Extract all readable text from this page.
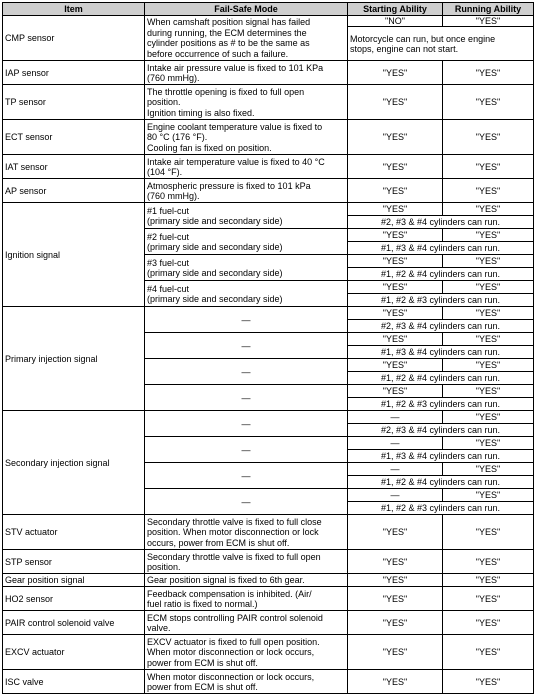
Item	Fail-Safe Mode	Starting Ability	Running Ability
CMP sensor	When camshaft position signal has failed
during running, the ECM determines the
cylinder positions as # to be the same as
before occurrence of such a failure.	"NO"	"YES"
		Motorcycle can run, but once engine
stops, engine can not start.	
IAP sensor	Intake air pressure value is fixed to 101 KPa
(760 mmHg).	"YES"	"YES"
TP sensor	The throttle opening is fixed to full open
position.
Ignition timing is also fixed.	"YES"	"YES"
ECT sensor	Engine coolant temperature value is fixed to
80 °C (176 °F).
Cooling fan is fixed on position.	"YES"	"YES"
IAT sensor	Intake air temperature value is fixed to 40 °C
(104 °F).	"YES"	"YES"
AP sensor	Atmospheric pressure is fixed to 101 kPa
(760 mmHg).	"YES"	"YES"
Ignition signal	#1 fuel-cut
(primary side and secondary side)	"YES"	"YES"
		#2, #3 & #4 cylinders can run.	
	#2 fuel-cut
(primary side and secondary side)	"YES"	"YES"
		#1, #3 & #4 cylinders can run.	
	#3 fuel-cut
(primary side and secondary side)	"YES"	"YES"
		#1, #2 & #4 cylinders can run.	
	#4 fuel-cut
(primary side and secondary side)	"YES"	"YES"
		#1, #2 & #3 cylinders can run.	
Primary injection signal	—	"YES"	"YES"
		#2, #3 & #4 cylinders can run.	
	—	"YES"	"YES"
		#1, #3 & #4 cylinders can run.	
	—	"YES"	"YES"
		#1, #2 & #4 cylinders can run.	
	—	"YES"	"YES"
		#1, #2 & #3 cylinders can run.	
Secondary injection signal	—	—	"YES"
		#2, #3 & #4 cylinders can run.	
	—	—	"YES"
		#1, #3 & #4 cylinders can run.	
	—	—	"YES"
		#1, #2 & #4 cylinders can run.	
	—	—	"YES"
		#1, #2 & #3 cylinders can run.	
STV actuator	Secondary throttle valve is fixed to full close
position. When motor disconnection or lock
occurs, power from ECM is shut off.	"YES"	"YES"
STP sensor	Secondary throttle valve is fixed to full open
position.	"YES"	"YES"
Gear position signal	Gear position signal is fixed to 6th gear.	"YES"	"YES"
HO2 sensor	Feedback compensation is inhibited. (Air/
fuel ratio is fixed to normal.)	"YES"	"YES"
PAIR control solenoid valve	ECM stops controlling PAIR control solenoid
valve.	"YES"	"YES"
EXCV actuator	EXCV actuator is fixed to full open position.
When motor disconnection or lock occurs,
power from ECM is shut off.	"YES"	"YES"
ISC valve	When motor disconnection or lock occurs,
power from ECM is shut off.	"YES"	"YES"
